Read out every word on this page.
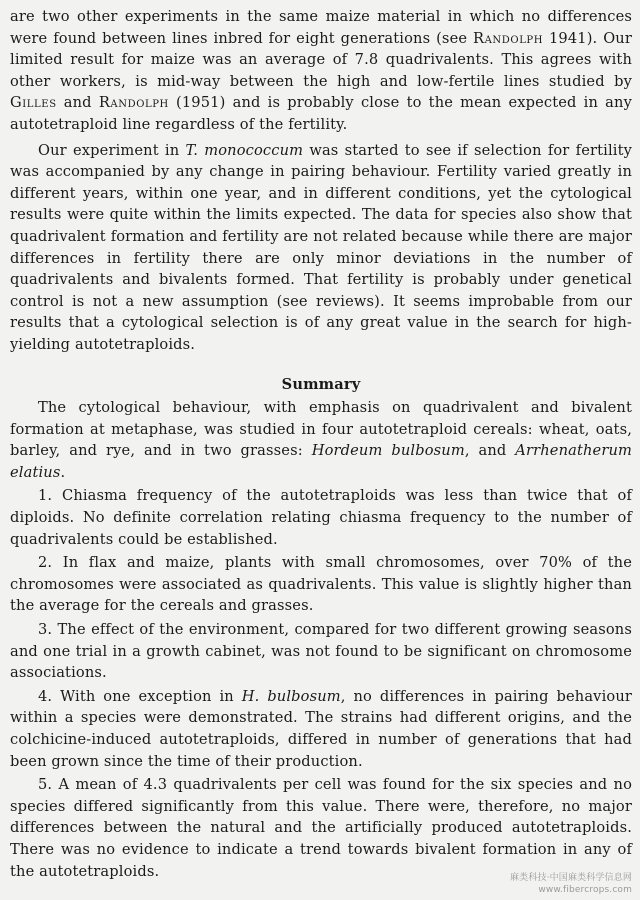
are two other experiments in the same maize material in which no differences were found between lines inbred for eight generations (see Randolph 1941). Our limited result for maize was an average of 7.8 quadrivalents. This agrees with other workers, is mid-way between the high and low-fertile lines studied by Gilles and Randolph (1951) and is probably close to the mean expected in any autotetraploid line regardless of the fertility.

Our experiment in T. monococcum was started to see if selection for fertility was accompanied by any change in pairing behaviour. Fertility varied greatly in different years, within one year, and in different conditions, yet the cytological results were quite within the limits expected. The data for species also show that quadrivalent formation and fertility are not related because while there are major differences in fertility there are only minor deviations in the number of quadrivalents and bivalents formed. That fertility is probably under genetical control is not a new assumption (see reviews). It seems improbable from our results that a cytological selection is of any great value in the search for high-yielding autotetraploids.

Summary

The cytological behaviour, with emphasis on quadrivalent and bivalent formation at metaphase, was studied in four autotetraploid cereals: wheat, oats, barley, and rye, and in two grasses: Hordeum bulbosum, and Arrhenatherum elatius.

1. Chiasma frequency of the autotetraploids was less than twice that of diploids. No definite correlation relating chiasma frequency to the number of quadrivalents could be established.

2. In flax and maize, plants with small chromosomes, over 70% of the chromosomes were associated as quadrivalents. This value is slightly higher than the average for the cereals and grasses.

3. The effect of the environment, compared for two different growing seasons and one trial in a growth cabinet, was not found to be significant on chromosome associations.

4. With one exception in H. bulbosum, no differences in pairing behaviour within a species were demonstrated. The strains had different origins, and the colchicine-induced autotetraploids, differed in number of generations that had been grown since the time of their production.

5. A mean of 4.3 quadrivalents per cell was found for the six species and no species differed significantly from this value. There were, therefore, no major differences between the natural and the artificially produced autotetraploids. There was no evidence to indicate a trend towards bivalent formation in any of the autotetraploids.	麻类科技·中国麻类科学信息网
www.fibercrops.com
